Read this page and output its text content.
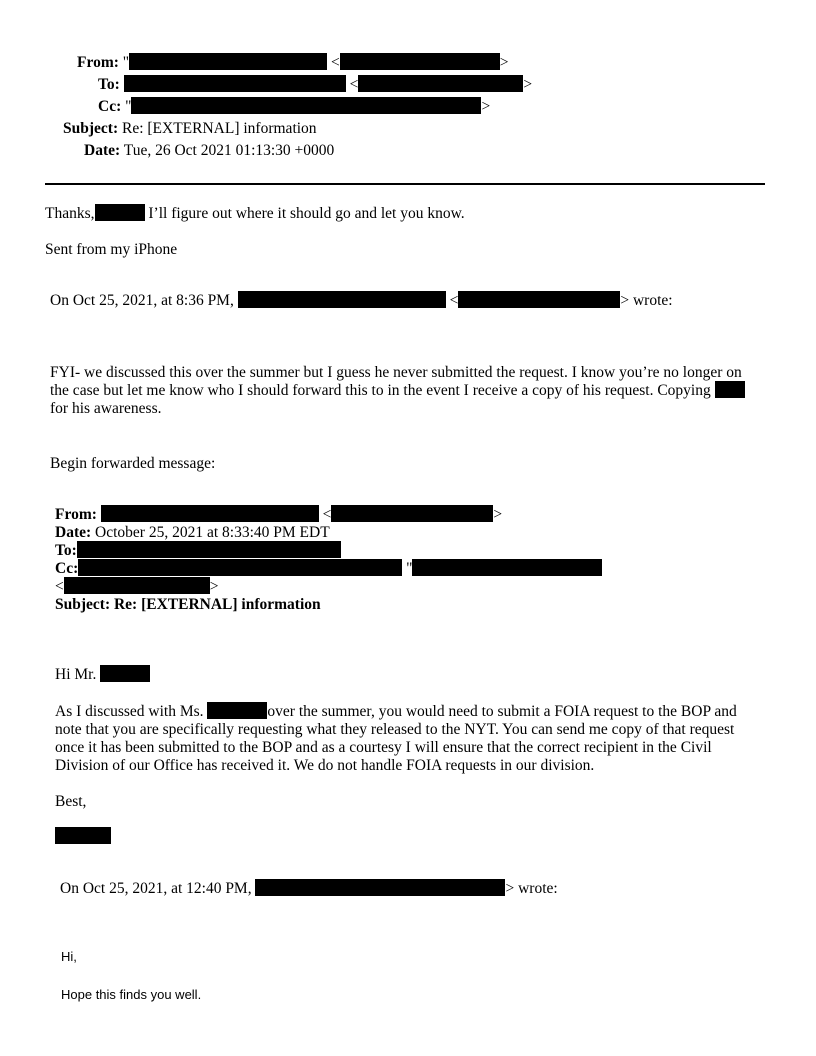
From: "	<	>
To:	<	>
Cc: "	>
Subject: Re: [EXTERNAL] information
Date: Tue, 26 Oct 2021 01:13:30 +0000
Thanks,	I’ll figure out where it should go and let you know.
Sent from my iPhone
On Oct 25, 2021, at 8:36 PM,	<	> wrote:
FYI- we discussed this over the summer but I guess he never submitted the request. I know you’re no longer on
the case but let me know who I should forward this to in the event I receive a copy of his request. Copying
for his awareness.
Begin forwarded message:
From:	<	>
Date: October 25, 2021 at 8:33:40 PM EDT
To:
Cc:	"
<	>
Subject: Re: [EXTERNAL] information
Hi Mr.
As I discussed with Ms.	over the summer, you would need to submit a FOIA request to the BOP and
note that you are specifically requesting what they released to the NYT. You can send me copy of that request
once it has been submitted to the BOP and as a courtesy I will ensure that the correct recipient in the Civil
Division of our Office has received it. We do not handle FOIA requests in our division.
Best,
On Oct 25, 2021, at 12:40 PM,	> wrote:
Hi,
Hope this finds you well.
